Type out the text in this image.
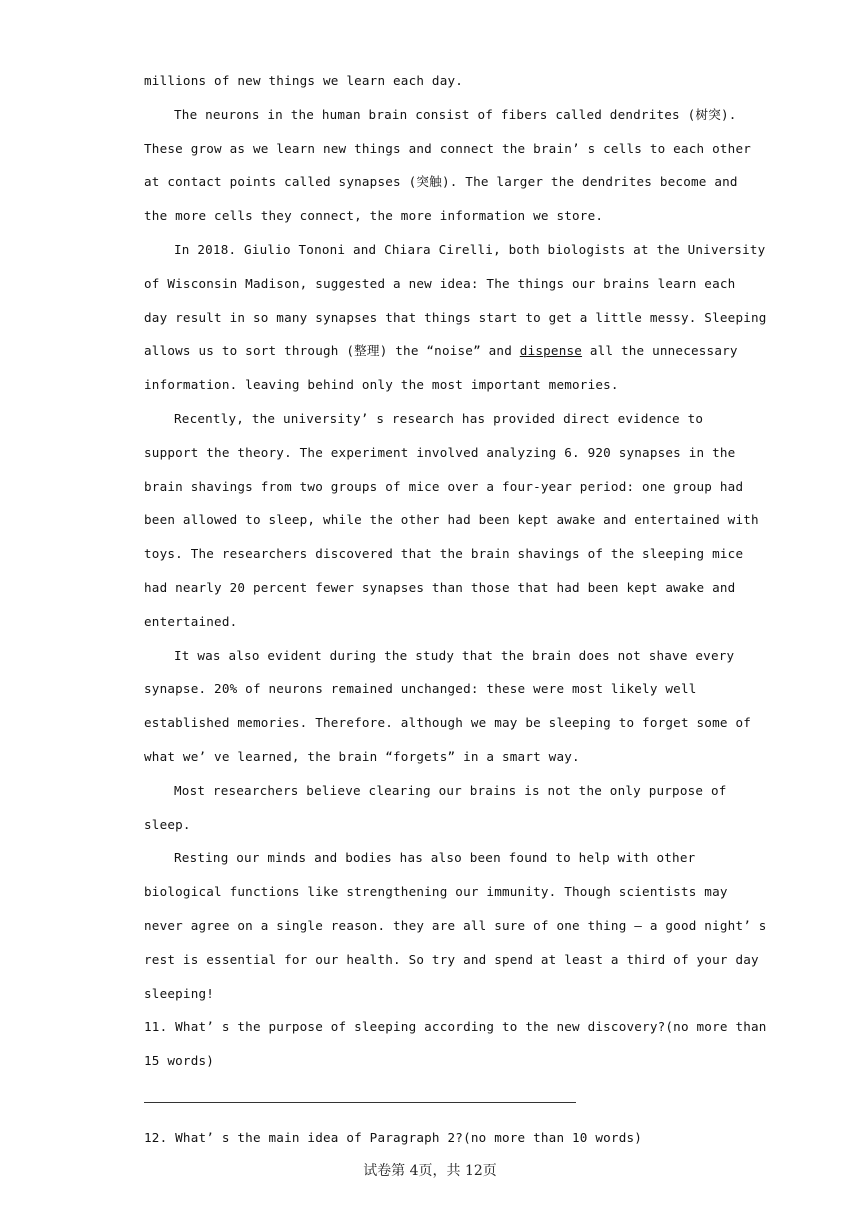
millions of new things we learn each day.
The neurons in the human brain consist of fibers called dendrites (树突).
These grow as we learn new things and connect the brain’ s cells to each other
at contact points called synapses (突触). The larger the dendrites become and
the more cells they connect, the more information we store.
In 2018. Giulio Tononi and Chiara Cirelli, both biologists at the University
of Wisconsin Madison, suggested a new idea: The things our brains learn each
day result in so many synapses that things start to get a little messy. Sleeping
allows us to sort through (整理) the “noise” and dispense all the unnecessary
information. leaving behind only the most important memories.
Recently, the university’ s research has provided direct evidence to
support the theory. The experiment involved analyzing 6. 920 synapses in the
brain shavings from two groups of mice over a four-year period: one group had
been allowed to sleep, while the other had been kept awake and entertained with
toys. The researchers discovered that the brain shavings of the sleeping mice
had nearly 20 percent fewer synapses than those that had been kept awake and
entertained.
It was also evident during the study that the brain does not shave every
synapse. 20% of neurons remained unchanged: these were most likely well
established memories. Therefore. although we may be sleeping to forget some of
what we’ ve learned, the brain “forgets” in a smart way.
Most researchers believe clearing our brains is not the only purpose of
sleep.
Resting our minds and bodies has also been found to help with other
biological functions like strengthening our immunity. Though scientists may
never agree on a single reason. they are all sure of one thing — a good night’ s
rest is essential for our health. So try and spend at least a third of your day
sleeping!
11. What’ s the purpose of sleeping according to the new discovery?(no more than
15 words)
12. What’ s the main idea of Paragraph 2?(no more than 10 words)
试卷第 4页，共 12页
